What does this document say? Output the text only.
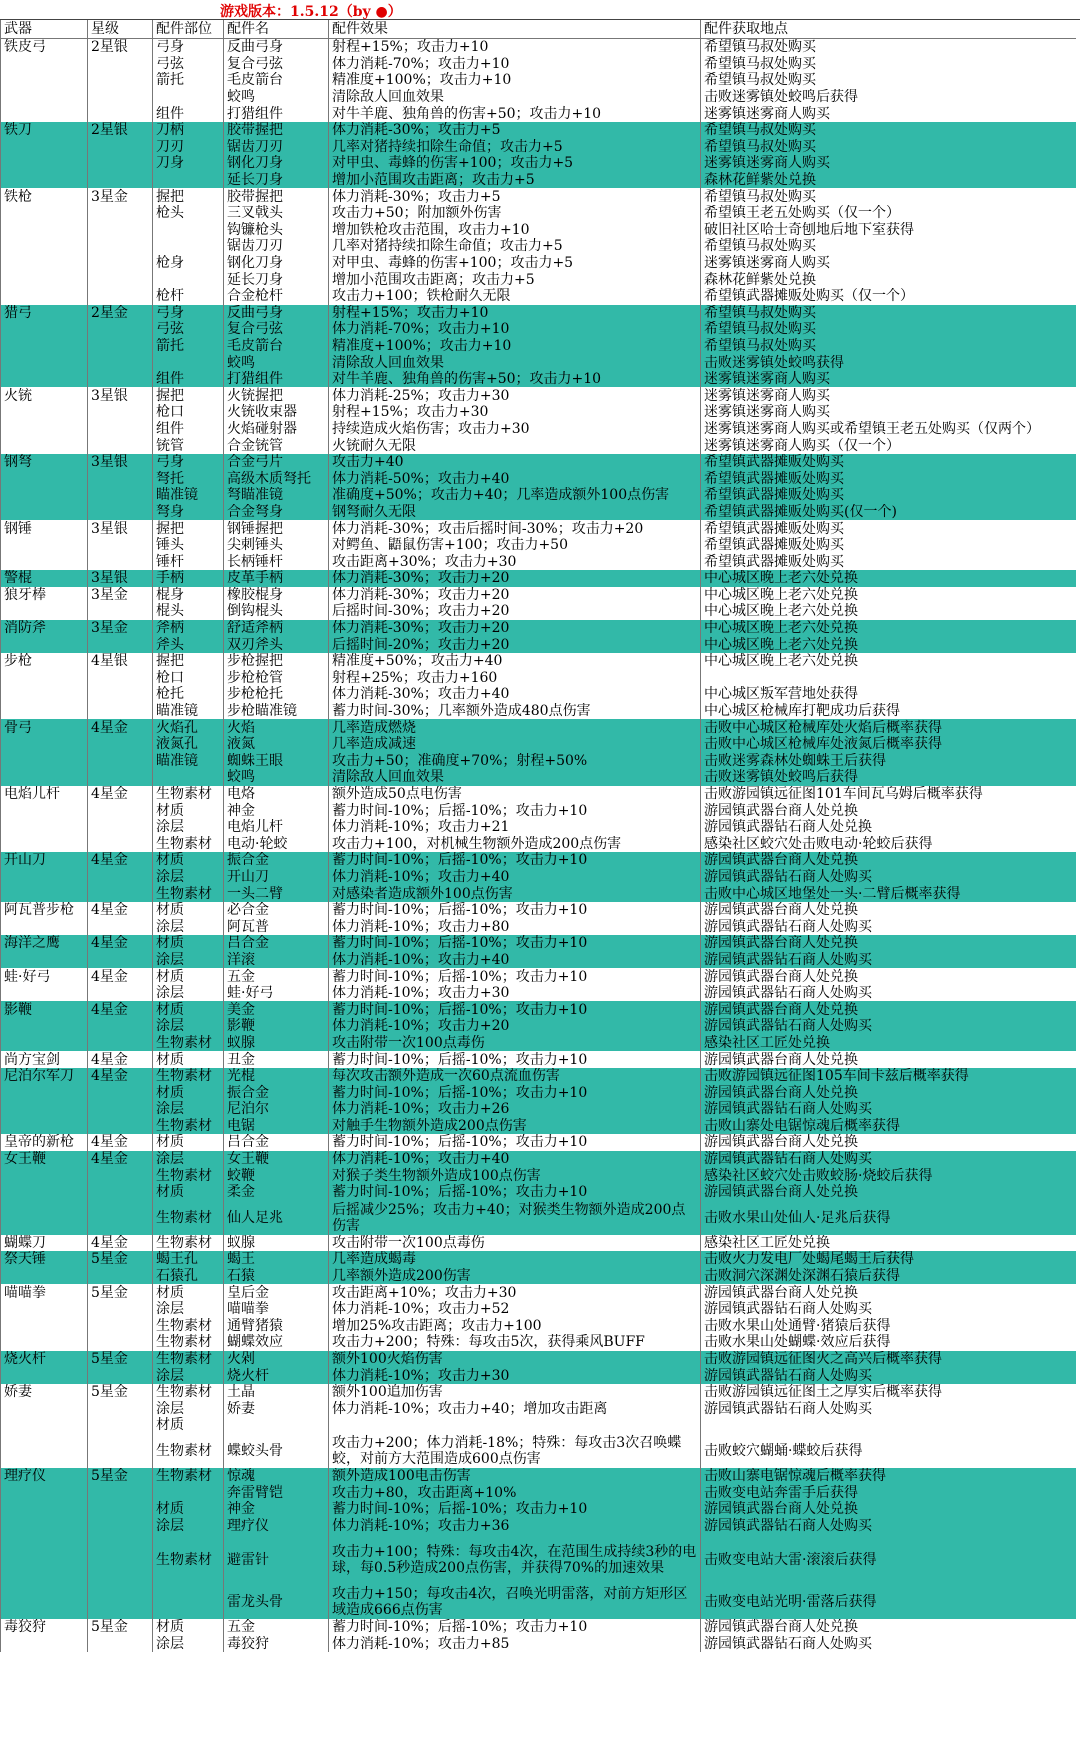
游戏版本：1.5.12（by ●）
武器	星级	配件部位	配件名	配件效果	配件获取地点
铁皮弓	2星银	弓身	反曲弓身	射程+15%；攻击力+10	希望镇马叔处购买
		弓弦	复合弓弦	体力消耗-70%；攻击力+10	希望镇马叔处购买
		箭托	毛皮箭台	精准度+100%；攻击力+10	希望镇马叔处购买
			蛟鸣	清除敌人回血效果	击败迷雾镇处蛟鸣后获得
		组件	打猎组件	对牛羊鹿、独角兽的伤害+50；攻击力+10	迷雾镇迷雾商人购买
铁刀	2星银	刀柄	胶带握把	体力消耗-30%；攻击力+5	希望镇马叔处购买
		刀刃	锯齿刀刃	几率对猪持续扣除生命值；攻击力+5	希望镇马叔处购买
		刀身	钢化刀身	对甲虫、毒蜂的伤害+100；攻击力+5	迷雾镇迷雾商人购买
			延长刀身	增加小范围攻击距离；攻击力+5	森林花鲜紫处兑换
铁枪	3星金	握把	胶带握把	体力消耗-30%；攻击力+5	希望镇马叔处购买
		枪头	三叉戟头	攻击力+50；附加额外伤害	希望镇王老五处购买（仅一个）
			钩镰枪头	增加铁枪攻击范围，攻击力+10	破旧社区哈士奇刨地后地下室获得
			锯齿刀刃	几率对猪持续扣除生命值；攻击力+5	希望镇马叔处购买
		枪身	钢化刀身	对甲虫、毒蜂的伤害+100；攻击力+5	迷雾镇迷雾商人购买
			延长刀身	增加小范围攻击距离；攻击力+5	森林花鲜紫处兑换
		枪杆	合金枪杆	攻击力+100；铁枪耐久无限	希望镇武器摊贩处购买（仅一个）
猎弓	2星金	弓身	反曲弓身	射程+15%；攻击力+10	希望镇马叔处购买
		弓弦	复合弓弦	体力消耗-70%；攻击力+10	希望镇马叔处购买
		箭托	毛皮箭台	精准度+100%；攻击力+10	希望镇马叔处购买
			蛟鸣	清除敌人回血效果	击败迷雾镇处蛟鸣获得
		组件	打猎组件	对牛羊鹿、独角兽的伤害+50；攻击力+10	迷雾镇迷雾商人购买
火铳	3星银	握把	火铳握把	体力消耗-25%；攻击力+30	迷雾镇迷雾商人购买
		枪口	火铳收束器	射程+15%；攻击力+30	迷雾镇迷雾商人购买
		组件	火焰碰射器	持续造成火焰伤害；攻击力+30	迷雾镇迷雾商人购买或希望镇王老五处购买（仅两个）
		铳管	合金铳管	火铳耐久无限	迷雾镇迷雾商人购买（仅一个）
钢弩	3星银	弓身	合金弓片	攻击力+40	希望镇武器摊贩处购买
		弩托	高级木质弩托	体力消耗-50%；攻击力+40	希望镇武器摊贩处购买
		瞄准镜	弩瞄准镜	准确度+50%；攻击力+40；几率造成额外100点伤害	希望镇武器摊贩处购买
		弩身	合金弩身	钢弩耐久无限	希望镇武器摊贩处购买(仅一个)
钢锤	3星银	握把	钢锤握把	体力消耗-30%；攻击后摇时间-30%；攻击力+20	希望镇武器摊贩处购买
		锤头	尖刺锤头	对鳄鱼、鼯鼠伤害+100；攻击力+50	希望镇武器摊贩处购买
		锤杆	长柄锤杆	攻击距离+30%；攻击力+30	希望镇武器摊贩处购买
警棍	3星银	手柄	皮革手柄	体力消耗-30%；攻击力+20	中心城区晚上老六处兑换
狼牙棒	3星金	棍身	橡胶棍身	体力消耗-30%；攻击力+20	中心城区晚上老六处兑换
		棍头	倒钩棍头	后摇时间-30%；攻击力+20	中心城区晚上老六处兑换
消防斧	3星金	斧柄	舒适斧柄	体力消耗-30%；攻击力+20	中心城区晚上老六处兑换
		斧头	双刃斧头	后摇时间-20%；攻击力+20	中心城区晚上老六处兑换
步枪	4星银	握把	步枪握把	精准度+50%；攻击力+40	中心城区晚上老六处兑换
		枪口	步枪枪管	射程+25%；攻击力+160	
		枪托	步枪枪托	体力消耗-30%；攻击力+40	中心城区叛军营地处获得
		瞄准镜	步枪瞄准镜	蓄力时间-30%；几率额外造成480点伤害	中心城区枪械库打靶成功后获得
骨弓	4星金	火焰孔	火焰	几率造成燃烧	击败中心城区枪械库处火焰后概率获得
		液氮孔	液氮	几率造成减速	击败中心城区枪械库处液氮后概率获得
		瞄准镜	蜘蛛王眼	攻击力+50；准确度+70%；射程+50%	击败迷雾森林处蜘蛛王后获得
			蛟鸣	清除敌人回血效果	击败迷雾镇处蛟鸣后获得
电焰儿杆	4星金	生物素材	电烙	额外造成50点电伤害	击败游园镇远征图101车间瓦乌姆后概率获得
		材质	神金	蓄力时间-10%；后摇-10%；攻击力+10	游园镇武器台商人处兑换
		涂层	电焰儿杆	体力消耗-10%；攻击力+21	游园镇武器钻石商人处兑换
		生物素材	电动·轮蛟	攻击力+100，对机械生物额外造成200点伤害	感染社区蛟穴处击败电动·轮蛟后获得
开山刀	4星金	材质	振合金	蓄力时间-10%；后摇-10%；攻击力+10	游园镇武器台商人处兑换
		涂层	开山刀	体力消耗-10%；攻击力+40	游园镇武器钻石商人处购买
		生物素材	一头二臂	对感染者造成额外100点伤害	击败中心城区地堡处一头·二臂后概率获得
阿瓦普步枪	4星金	材质	必合金	蓄力时间-10%；后摇-10%；攻击力+10	游园镇武器台商人处兑换
		涂层	阿瓦普	体力消耗-10%；攻击力+80	游园镇武器钻石商人处购买
海洋之鹰	4星金	材质	吕合金	蓄力时间-10%；后摇-10%；攻击力+10	游园镇武器台商人处兑换
		涂层	洋滚	体力消耗-10%；攻击力+40	游园镇武器钻石商人处购买
蛙·好弓	4星金	材质	五金	蓄力时间-10%；后摇-10%；攻击力+10	游园镇武器台商人处兑换
		涂层	蛙·好弓	体力消耗-10%；攻击力+30	游园镇武器钻石商人处购买
影鞭	4星金	材质	美金	蓄力时间-10%；后摇-10%；攻击力+10	游园镇武器台商人处兑换
		涂层	影鞭	体力消耗-10%；攻击力+20	游园镇武器钻石商人处购买
		生物素材	蚁腺	攻击附带一次100点毒伤	感染社区工匠处兑换
尚方宝剑	4星金	材质	丑金	蓄力时间-10%；后摇-10%；攻击力+10	游园镇武器台商人处兑换
尼泊尔军刀	4星金	生物素材	光棍	每次攻击额外造成一次60点流血伤害	击败游园镇远征图105车间卡兹后概率获得
		材质	振合金	蓄力时间-10%；后摇-10%；攻击力+10	游园镇武器台商人处兑换
		涂层	尼泊尔	体力消耗-10%；攻击力+26	游园镇武器钻石商人处购买
		生物素材	电锯	对触手生物额外造成200点伤害	击败山寨处电锯惊魂后概率获得
皇帝的新枪	4星金	材质	吕合金	蓄力时间-10%；后摇-10%；攻击力+10	游园镇武器台商人处兑换
女王鞭	4星金	涂层	女王鞭	体力消耗-10%；攻击力+40	游园镇武器钻石商人处购买
		生物素材	蛟鞭	对猴子类生物额外造成100点伤害	感染社区蛟穴处击败蛟肠·烧蛟后获得
		材质	柔金	蓄力时间-10%；后摇-10%；攻击力+10	游园镇武器台商人处兑换
		生物素材	仙人足兆	后摇减少25%；攻击力+40；对猴类生物额外造成200点伤害	击败水果山处仙人·足兆后获得
蝴蝶刀	4星金	生物素材	蚁腺	攻击附带一次100点毒伤	感染社区工匠处兑换
祭天锤	5星金	蝎王孔	蝎王	几率造成蝎毒	击败火力发电厂处蝎尾蝎王后获得
		石猿孔	石猿	几率额外造成200伤害	击败洞穴深渊处深渊石猿后获得
喵喵拳	5星金	材质	皇后金	攻击距离+10%；攻击力+30	游园镇武器台商人处兑换
		涂层	喵喵拳	体力消耗-10%；攻击力+52	游园镇武器钻石商人处购买
		生物素材	通臂猪猿	增加25%攻击距离；攻击力+100	击败水果山处通臂·猪猿后获得
		生物素材	蝴蝶效应	攻击力+200；特殊：每攻击5次，获得乘风BUFF	击败水果山处蝴蝶·效应后获得
烧火杆	5星金	生物素材	火剁	额外100火焰伤害	击败游园镇远征图火之高兴后概率获得
		涂层	烧火杆	体力消耗-10%；攻击力+30	游园镇武器钻石商人处购买
娇妻	5星金	生物素材	土晶	额外100追加伤害	击败游园镇远征图土之厚实后概率获得
		涂层	娇妻	体力消耗-10%；攻击力+40；增加攻击距离	游园镇武器钻石商人处购买
		材质			
		生物素材	蝶蛟头骨	攻击力+200；体力消耗-18%；特殊：每攻击3次召唤蝶蛟，对前方大范围造成600点伤害	击败蛟穴蝴蛹·蝶蛟后获得
理疗仪	5星金	生物素材	惊魂	额外造成100电击伤害	击败山寨电锯惊魂后概率获得
			奔雷臂铠	攻击力+80，攻击距离+10%	击败变电站奔雷手后获得
		材质	神金	蓄力时间-10%；后摇-10%；攻击力+10	游园镇武器台商人处兑换
		涂层	理疗仪	体力消耗-10%；攻击力+36	游园镇武器钻石商人处购买
		生物素材	避雷针	攻击力+100；特殊：每攻击4次，在范围生成持续3秒的电球，每0.5秒造成200点伤害，并获得70%的加速效果	击败变电站大雷·滚滚后获得
			雷龙头骨	攻击力+150；每攻击4次，召唤光明雷落，对前方矩形区域造成666点伤害	击败变电站光明·雷落后获得
毒狡狩	5星金	材质	五金	蓄力时间-10%；后摇-10%；攻击力+10	游园镇武器台商人处兑换
		涂层	毒狡狩	体力消耗-10%；攻击力+85	游园镇武器钻石商人处购买
